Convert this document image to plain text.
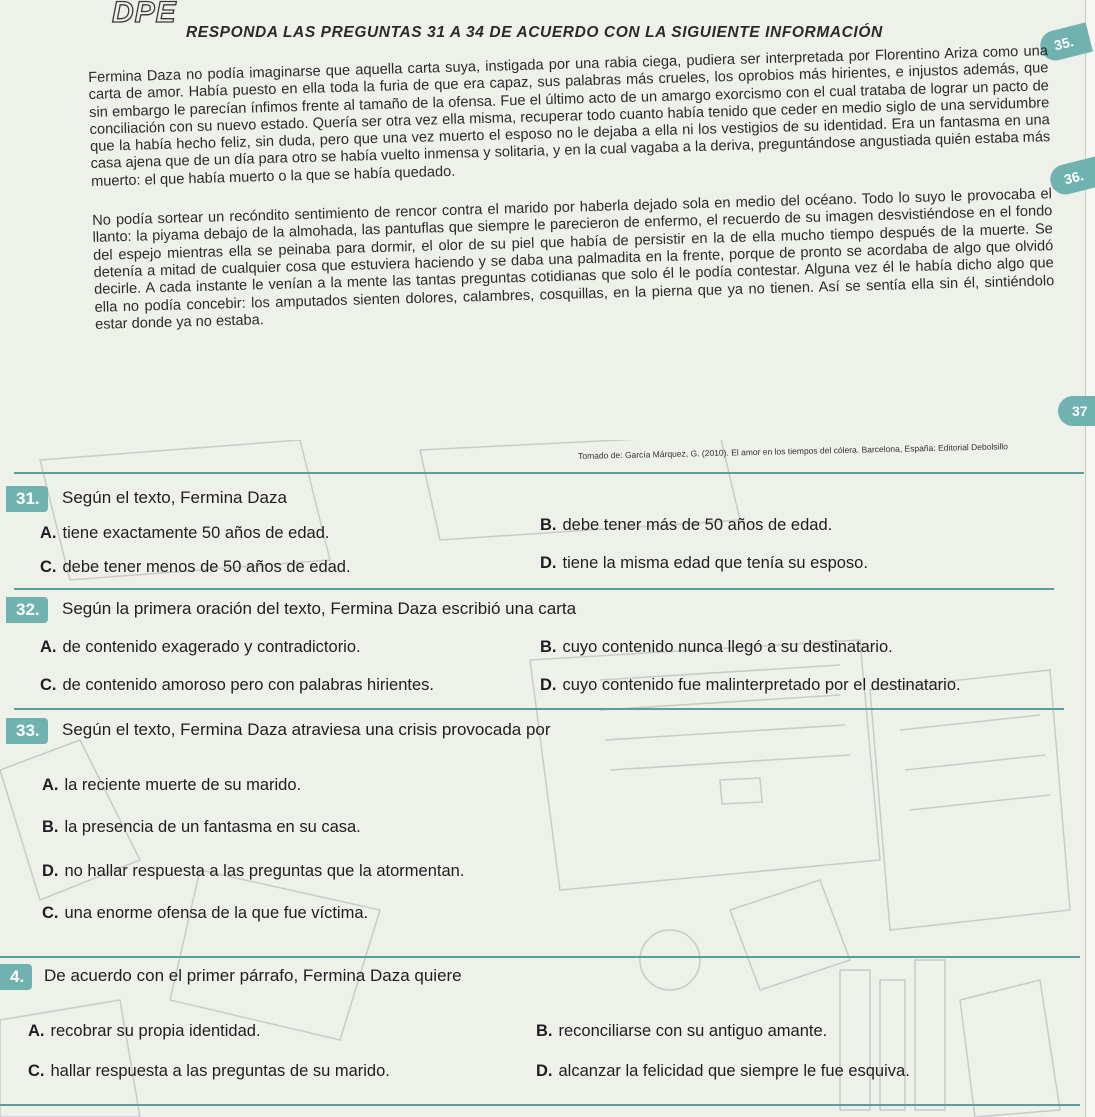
DPE
RESPONDA LAS PREGUNTAS 31 A 34 DE ACUERDO CON LA SIGUIENTE INFORMACIÓN
35.
36.
37

Fermina Daza no podía imaginarse que aquella carta suya, instigada por una rabia ciega, pudiera ser interpretada por Florentino Ariza como una carta de amor. Había puesto en ella toda la furia de que era capaz, sus palabras más crueles, los oprobios más hirientes, e injustos además, que sin embargo le parecían ínfimos frente al tamaño de la ofensa. Fue el último acto de un amargo exorcismo con el cual trataba de lograr un pacto de conciliación con su nuevo estado. Quería ser otra vez ella misma, recuperar todo cuanto había tenido que ceder en medio siglo de una servidumbre que la había hecho feliz, sin duda, pero que una vez muerto el esposo no le dejaba a ella ni los vestigios de su identidad. Era un fantasma en una casa ajena que de un día para otro se había vuelto inmensa y solitaria, y en la cual vagaba a la deriva, preguntándose angustiada quién estaba más muerto: el que había muerto o la que se había quedado.

No podía sortear un recóndito sentimiento de rencor contra el marido por haberla dejado sola en medio del océano. Todo lo suyo le provocaba el llanto: la piyama debajo de la almohada, las pantuflas que siempre le parecieron de enfermo, el recuerdo de su imagen desvistiéndose en el fondo del espejo mientras ella se peinaba para dormir, el olor de su piel que había de persistir en la de ella mucho tiempo después de la muerte. Se detenía a mitad de cualquier cosa que estuviera haciendo y se daba una palmadita en la frente, porque de pronto se acordaba de algo que olvidó decirle. A cada instante le venían a la mente las tantas preguntas cotidianas que solo él le podía contestar. Alguna vez él le había dicho algo que ella no podía concebir: los amputados sienten dolores, calambres, cosquillas, en la pierna que ya no tienen. Así se sentía ella sin él, sintiéndolo estar donde ya no estaba.

Tomado de: García Márquez, G. (2010). El amor en los tiempos del cólera. Barcelona, España: Editorial Debolsillo
31.	Según el texto, Fermina Daza
A. tiene exactamente 50 años de edad.	B. debe tener más de 50 años de edad.
C. debe tener menos de 50 años de edad.	D. tiene la misma edad que tenía su esposo.
32.	Según la primera oración del texto, Fermina Daza escribió una carta
A. de contenido exagerado y contradictorio.	B. cuyo contenido nunca llegó a su destinatario.
C. de contenido amoroso pero con palabras hirientes.	D. cuyo contenido fue malinterpretado por el destinatario.
33.	Según el texto, Fermina Daza atraviesa una crisis provocada por
A. la reciente muerte de su marido.
B. la presencia de un fantasma en su casa.
D. no hallar respuesta a las preguntas que la atormentan.
C. una enorme ofensa de la que fue víctima.
4.	De acuerdo con el primer párrafo, Fermina Daza quiere
A. recobrar su propia identidad.	B. reconciliarse con su antiguo amante.
C. hallar respuesta a las preguntas de su marido.	D. alcanzar la felicidad que siempre le fue esquiva.
